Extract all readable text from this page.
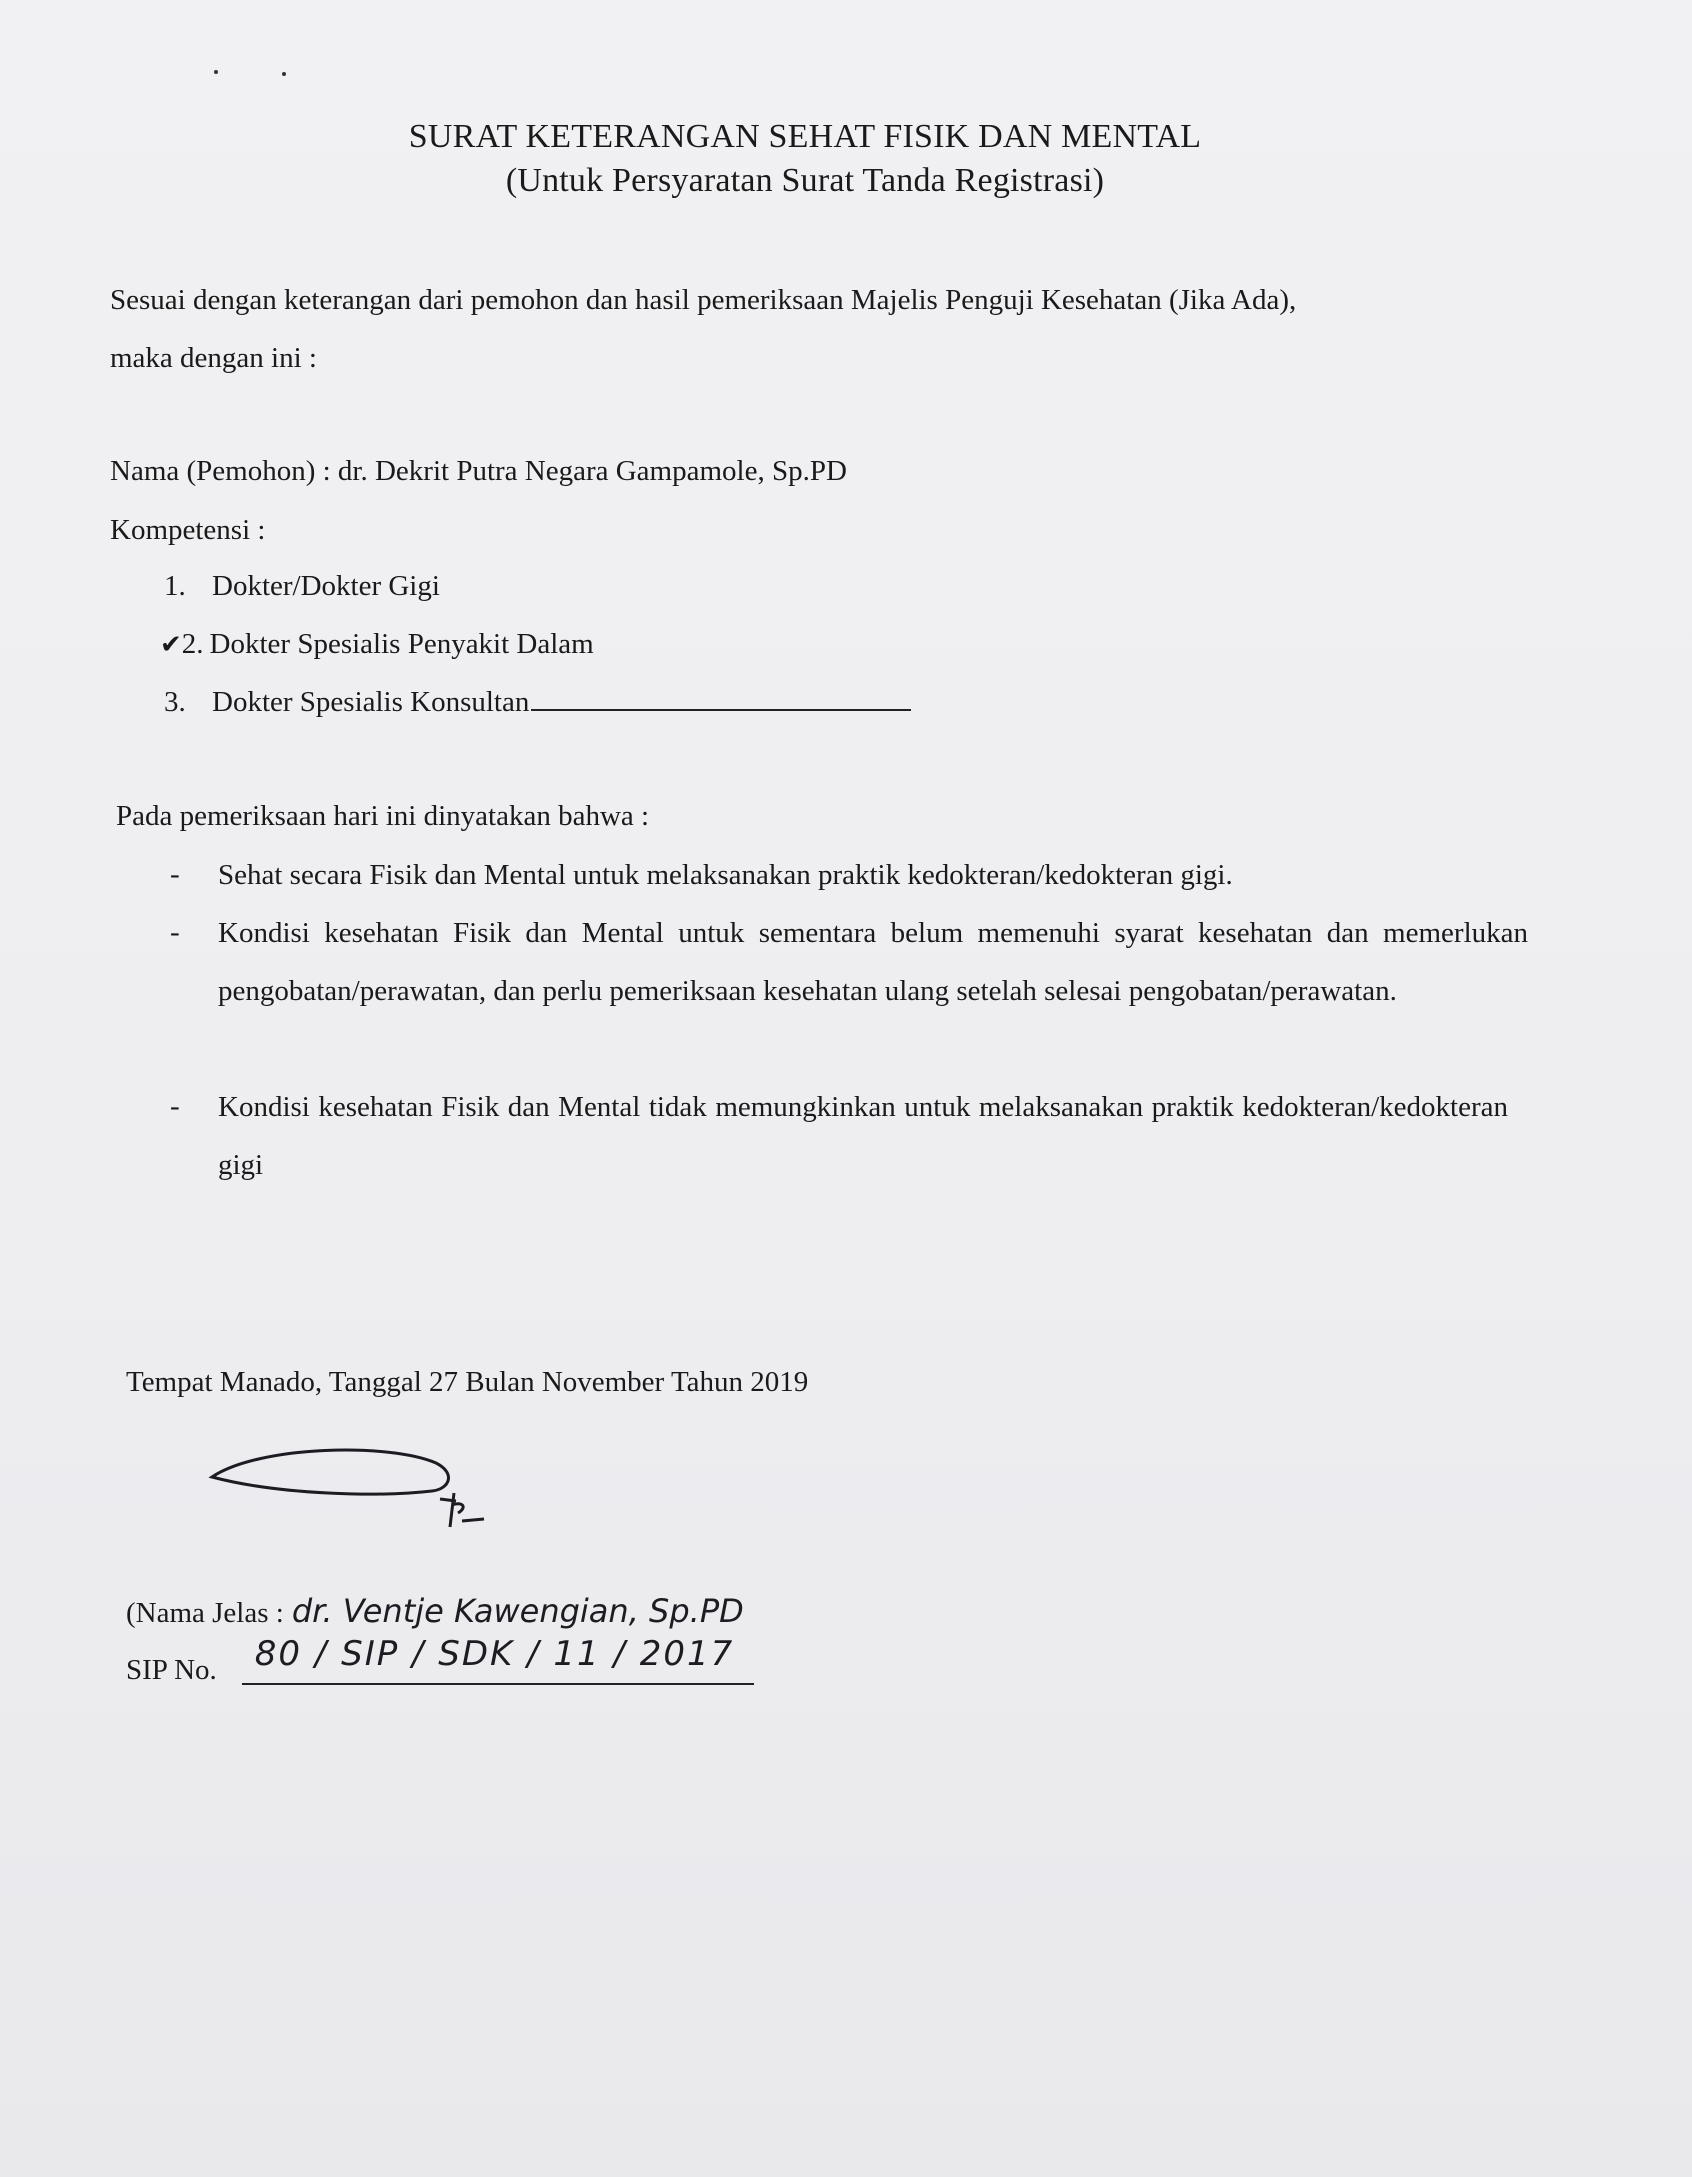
SURAT KETERANGAN SEHAT FISIK DAN MENTAL
(Untuk Persyaratan Surat Tanda Registrasi)

Sesuai dengan keterangan dari pemohon dan hasil pemeriksaan Majelis Penguji Kesehatan (Jika Ada),

maka dengan ini :

Nama (Pemohon) : dr. Dekrit Putra Negara Gampamole, Sp.PD

Kompetensi :

1. Dokter/Dokter Gigi
✔2. Dokter Spesialis Penyakit Dalam
3. Dokter Spesialis Konsultan

Pada pemeriksaan hari ini dinyatakan bahwa :

- Sehat secara Fisik dan Mental untuk melaksanakan praktik kedokteran/kedokteran gigi.
- Kondisi kesehatan Fisik dan Mental untuk sementara belum memenuhi syarat kesehatan dan memerlukan pengobatan/perawatan, dan perlu pemeriksaan kesehatan ulang setelah selesai pengobatan/perawatan.
- Kondisi kesehatan Fisik dan Mental tidak memungkinkan untuk melaksanakan praktik kedokteran/kedokteran gigi

Tempat Manado, Tanggal 27 Bulan November Tahun 2019

(Nama Jelas : dr. Ventje Kawengian, Sp.PD
SIP No. 80 / SIP / SDK / 11 / 2017
